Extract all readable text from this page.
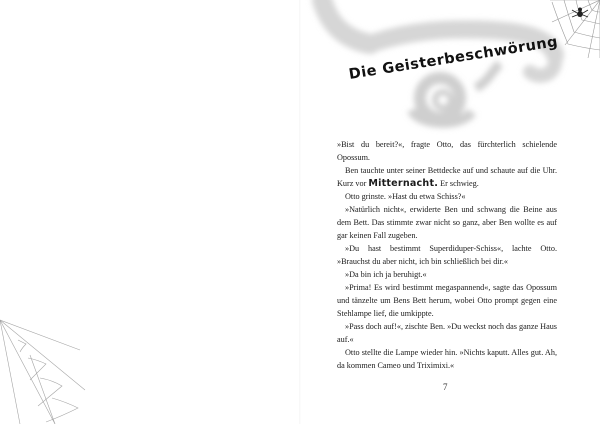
Die Geisterbeschwörung

»Bist du bereit?«, fragte Otto, das fürchterlich schielende Opossum.

Ben tauchte unter seiner Bettdecke auf und schaute auf die Uhr. Kurz vor Mitternacht. Er schwieg.

Otto grinste. »Hast du etwa Schiss?«

»Natürlich nicht«, erwiderte Ben und schwang die Beine aus dem Bett. Das stimmte zwar nicht so ganz, aber Ben wollte es auf gar keinen Fall zugeben.

»Du hast bestimmt Superdiduper-Schiss«, lachte Otto. »Brauchst du aber nicht, ich bin schließlich bei dir.«

»Da bin ich ja beruhigt.«

»Prima! Es wird bestimmt megaspannend«, sagte das Opossum und tänzelte um Bens Bett herum, wobei Otto prompt gegen eine Stehlampe lief, die umkippte.

»Pass doch auf!«, zischte Ben. »Du weckst noch das ganze Haus auf.«

Otto stellte die Lampe wieder hin. »Nichts kaputt. Alles gut. Ah, da kommen Cameo und Triximixi.«

7
